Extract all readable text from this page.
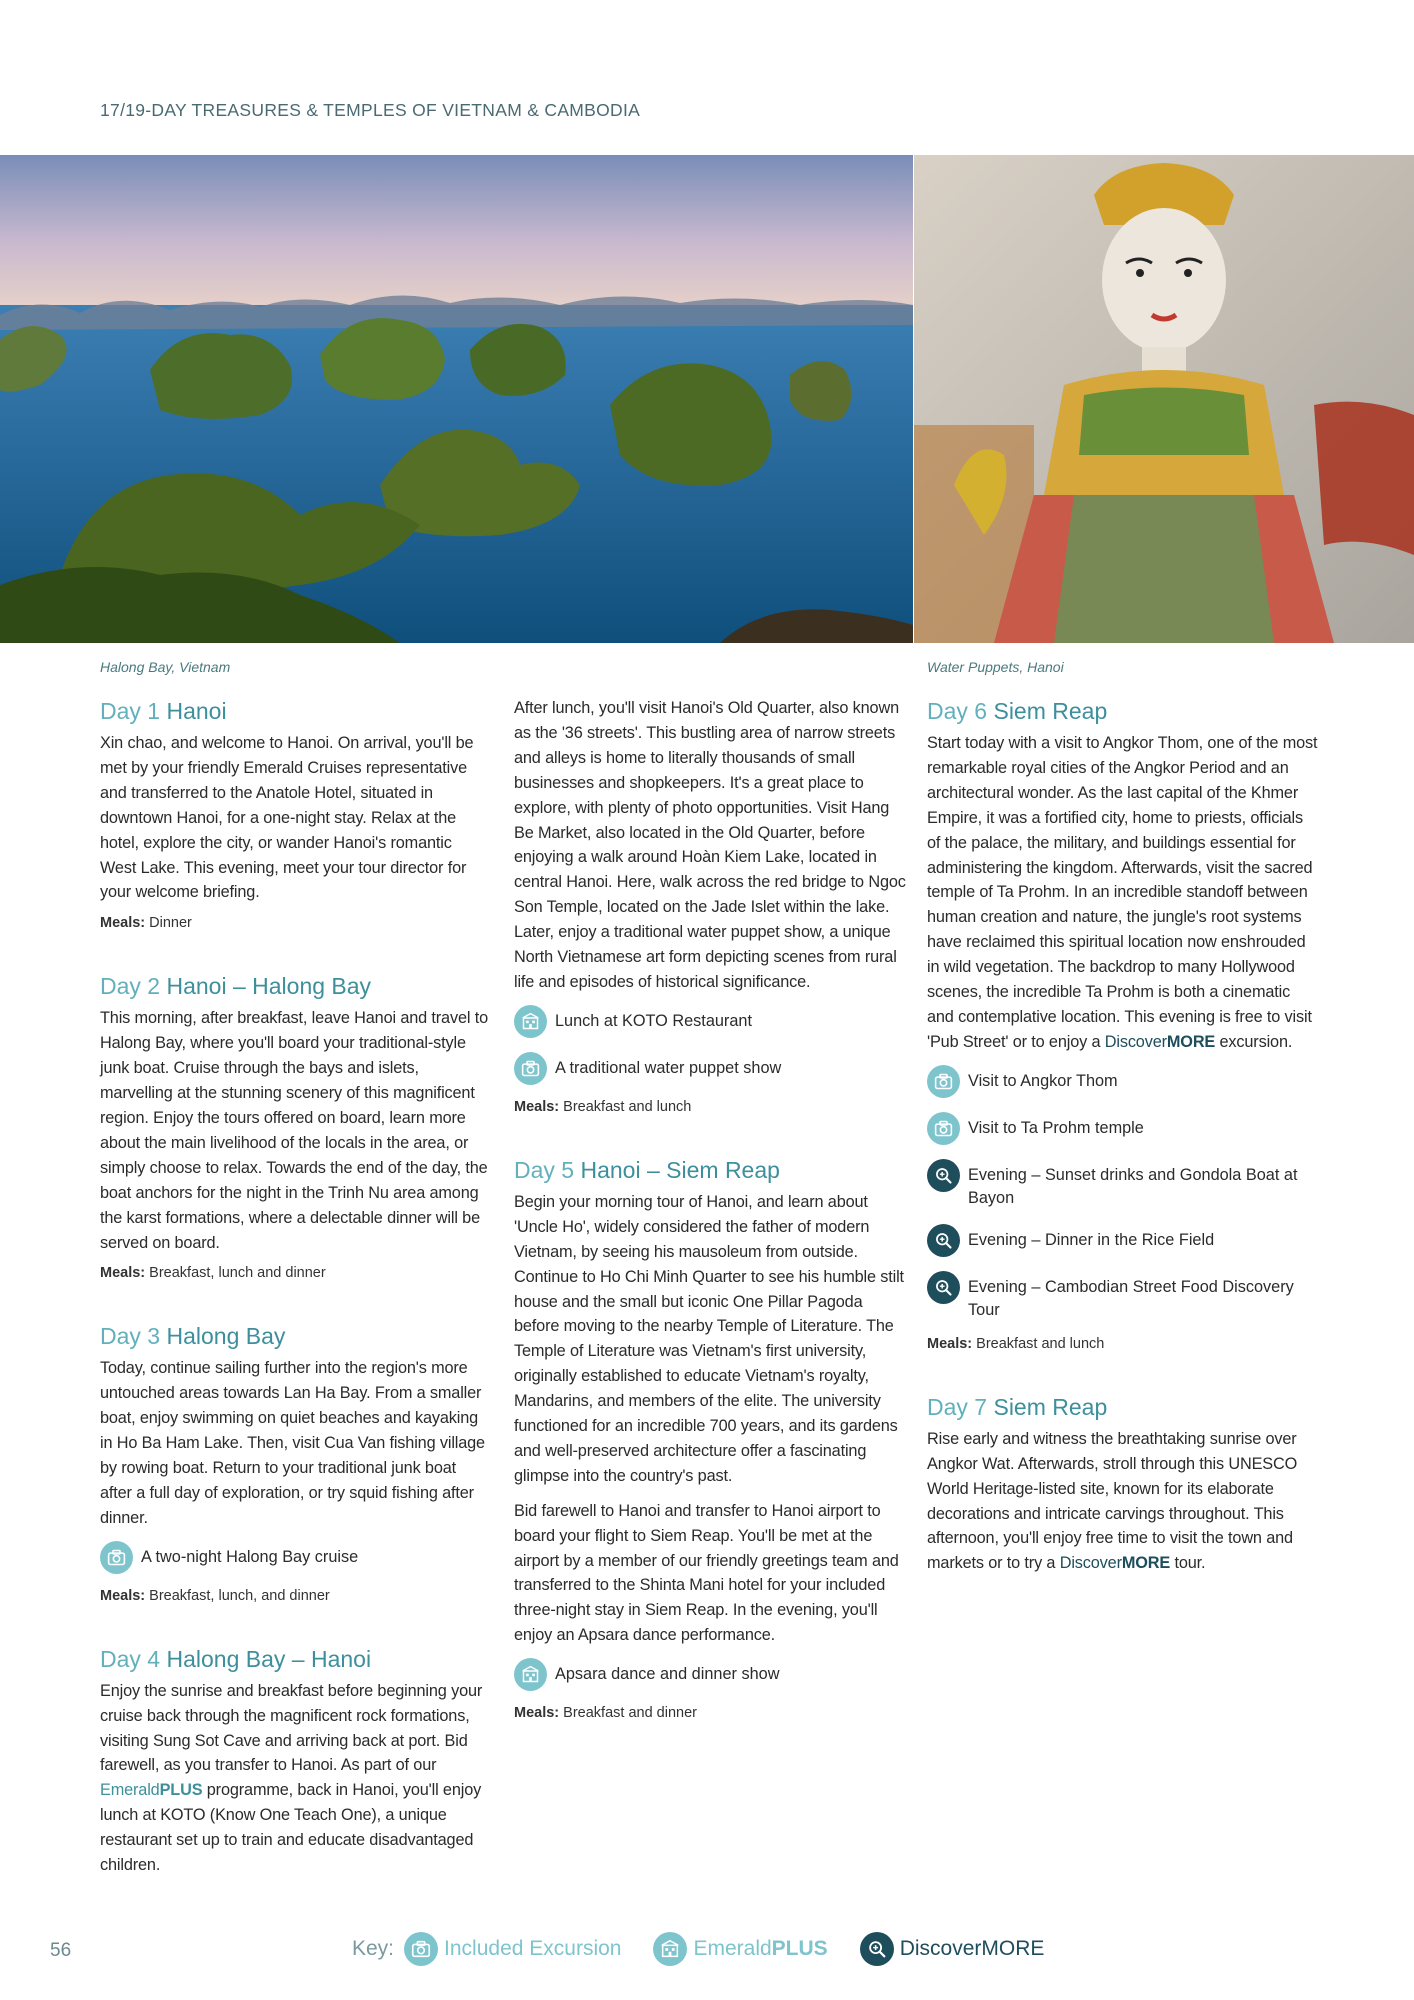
17/19-DAY TREASURES & TEMPLES OF VIETNAM & CAMBODIA
Halong Bay, Vietnam	Water Puppets, Hanoi
Day 1 Hanoi

Xin chao, and welcome to Hanoi. On arrival, you'll be met by your friendly Emerald Cruises representative and transferred to the Anatole Hotel, situated in downtown Hanoi, for a one-night stay. Relax at the hotel, explore the city, or wander Hanoi's romantic West Lake. This evening, meet your tour director for your welcome briefing.

Meals: Dinner
Day 2 Hanoi – Halong Bay

This morning, after breakfast, leave Hanoi and travel to Halong Bay, where you'll board your traditional-style junk boat. Cruise through the bays and islets, marvelling at the stunning scenery of this magnificent region. Enjoy the tours offered on board, learn more about the main livelihood of the locals in the area, or simply choose to relax. Towards the end of the day, the boat anchors for the night in the Trinh Nu area among the karst formations, where a delectable dinner will be served on board.

Meals: Breakfast, lunch and dinner
Day 3 Halong Bay

Today, continue sailing further into the region's more untouched areas towards Lan Ha Bay. From a smaller boat, enjoy swimming on quiet beaches and kayaking in Ho Ba Ham Lake. Then, visit Cua Van fishing village by rowing boat. Return to your traditional junk boat after a full day of exploration, or try squid fishing after dinner.

A two-night Halong Bay cruise
Meals: Breakfast, lunch, and dinner
Day 4 Halong Bay – Hanoi

Enjoy the sunrise and breakfast before beginning your cruise back through the magnificent rock formations, visiting Sung Sot Cave and arriving back at port. Bid farewell, as you transfer to Hanoi. As part of our EmeraldPLUS programme, back in Hanoi, you'll enjoy lunch at KOTO (Know One Teach One), a unique restaurant set up to train and educate disadvantaged children.

After lunch, you'll visit Hanoi's Old Quarter, also known as the '36 streets'. This bustling area of narrow streets and alleys is home to literally thousands of small businesses and shopkeepers. It's a great place to explore, with plenty of photo opportunities. Visit Hang Be Market, also located in the Old Quarter, before enjoying a walk around Hoàn Kiem Lake, located in central Hanoi. Here, walk across the red bridge to Ngoc Son Temple, located on the Jade Islet within the lake. Later, enjoy a traditional water puppet show, a unique North Vietnamese art form depicting scenes from rural life and episodes of historical significance.

Lunch at KOTO Restaurant
A traditional water puppet show
Meals: Breakfast and lunch
Day 5 Hanoi – Siem Reap

Begin your morning tour of Hanoi, and learn about 'Uncle Ho', widely considered the father of modern Vietnam, by seeing his mausoleum from outside. Continue to Ho Chi Minh Quarter to see his humble stilt house and the small but iconic One Pillar Pagoda before moving to the nearby Temple of Literature. The Temple of Literature was Vietnam's first university, originally established to educate Vietnam's royalty, Mandarins, and members of the elite. The university functioned for an incredible 700 years, and its gardens and well-preserved architecture offer a fascinating glimpse into the country's past.

Bid farewell to Hanoi and transfer to Hanoi airport to board your flight to Siem Reap. You'll be met at the airport by a member of our friendly greetings team and transferred to the Shinta Mani hotel for your included three-night stay in Siem Reap. In the evening, you'll enjoy an Apsara dance performance.

Apsara dance and dinner show
Meals: Breakfast and dinner
Day 6 Siem Reap

Start today with a visit to Angkor Thom, one of the most remarkable royal cities of the Angkor Period and an architectural wonder. As the last capital of the Khmer Empire, it was a fortified city, home to priests, officials of the palace, the military, and buildings essential for administering the kingdom. Afterwards, visit the sacred temple of Ta Prohm. In an incredible standoff between human creation and nature, the jungle's root systems have reclaimed this spiritual location now enshrouded in wild vegetation. The backdrop to many Hollywood scenes, the incredible Ta Prohm is both a cinematic and contemplative location. This evening is free to visit 'Pub Street' or to enjoy a DiscoverMORE excursion.

Visit to Angkor Thom
Visit to Ta Prohm temple
Evening – Sunset drinks and Gondola Boat at Bayon
Evening – Dinner in the Rice Field
Evening – Cambodian Street Food Discovery Tour
Meals: Breakfast and lunch
Day 7 Siem Reap

Rise early and witness the breathtaking sunrise over Angkor Wat. Afterwards, stroll through this UNESCO World Heritage-listed site, known for its elaborate decorations and intricate carvings throughout. This afternoon, you'll enjoy free time to visit the town and markets or to try a DiscoverMORE tour.

56	Key: Included Excursion	EmeraldPLUS	DiscoverMORE
